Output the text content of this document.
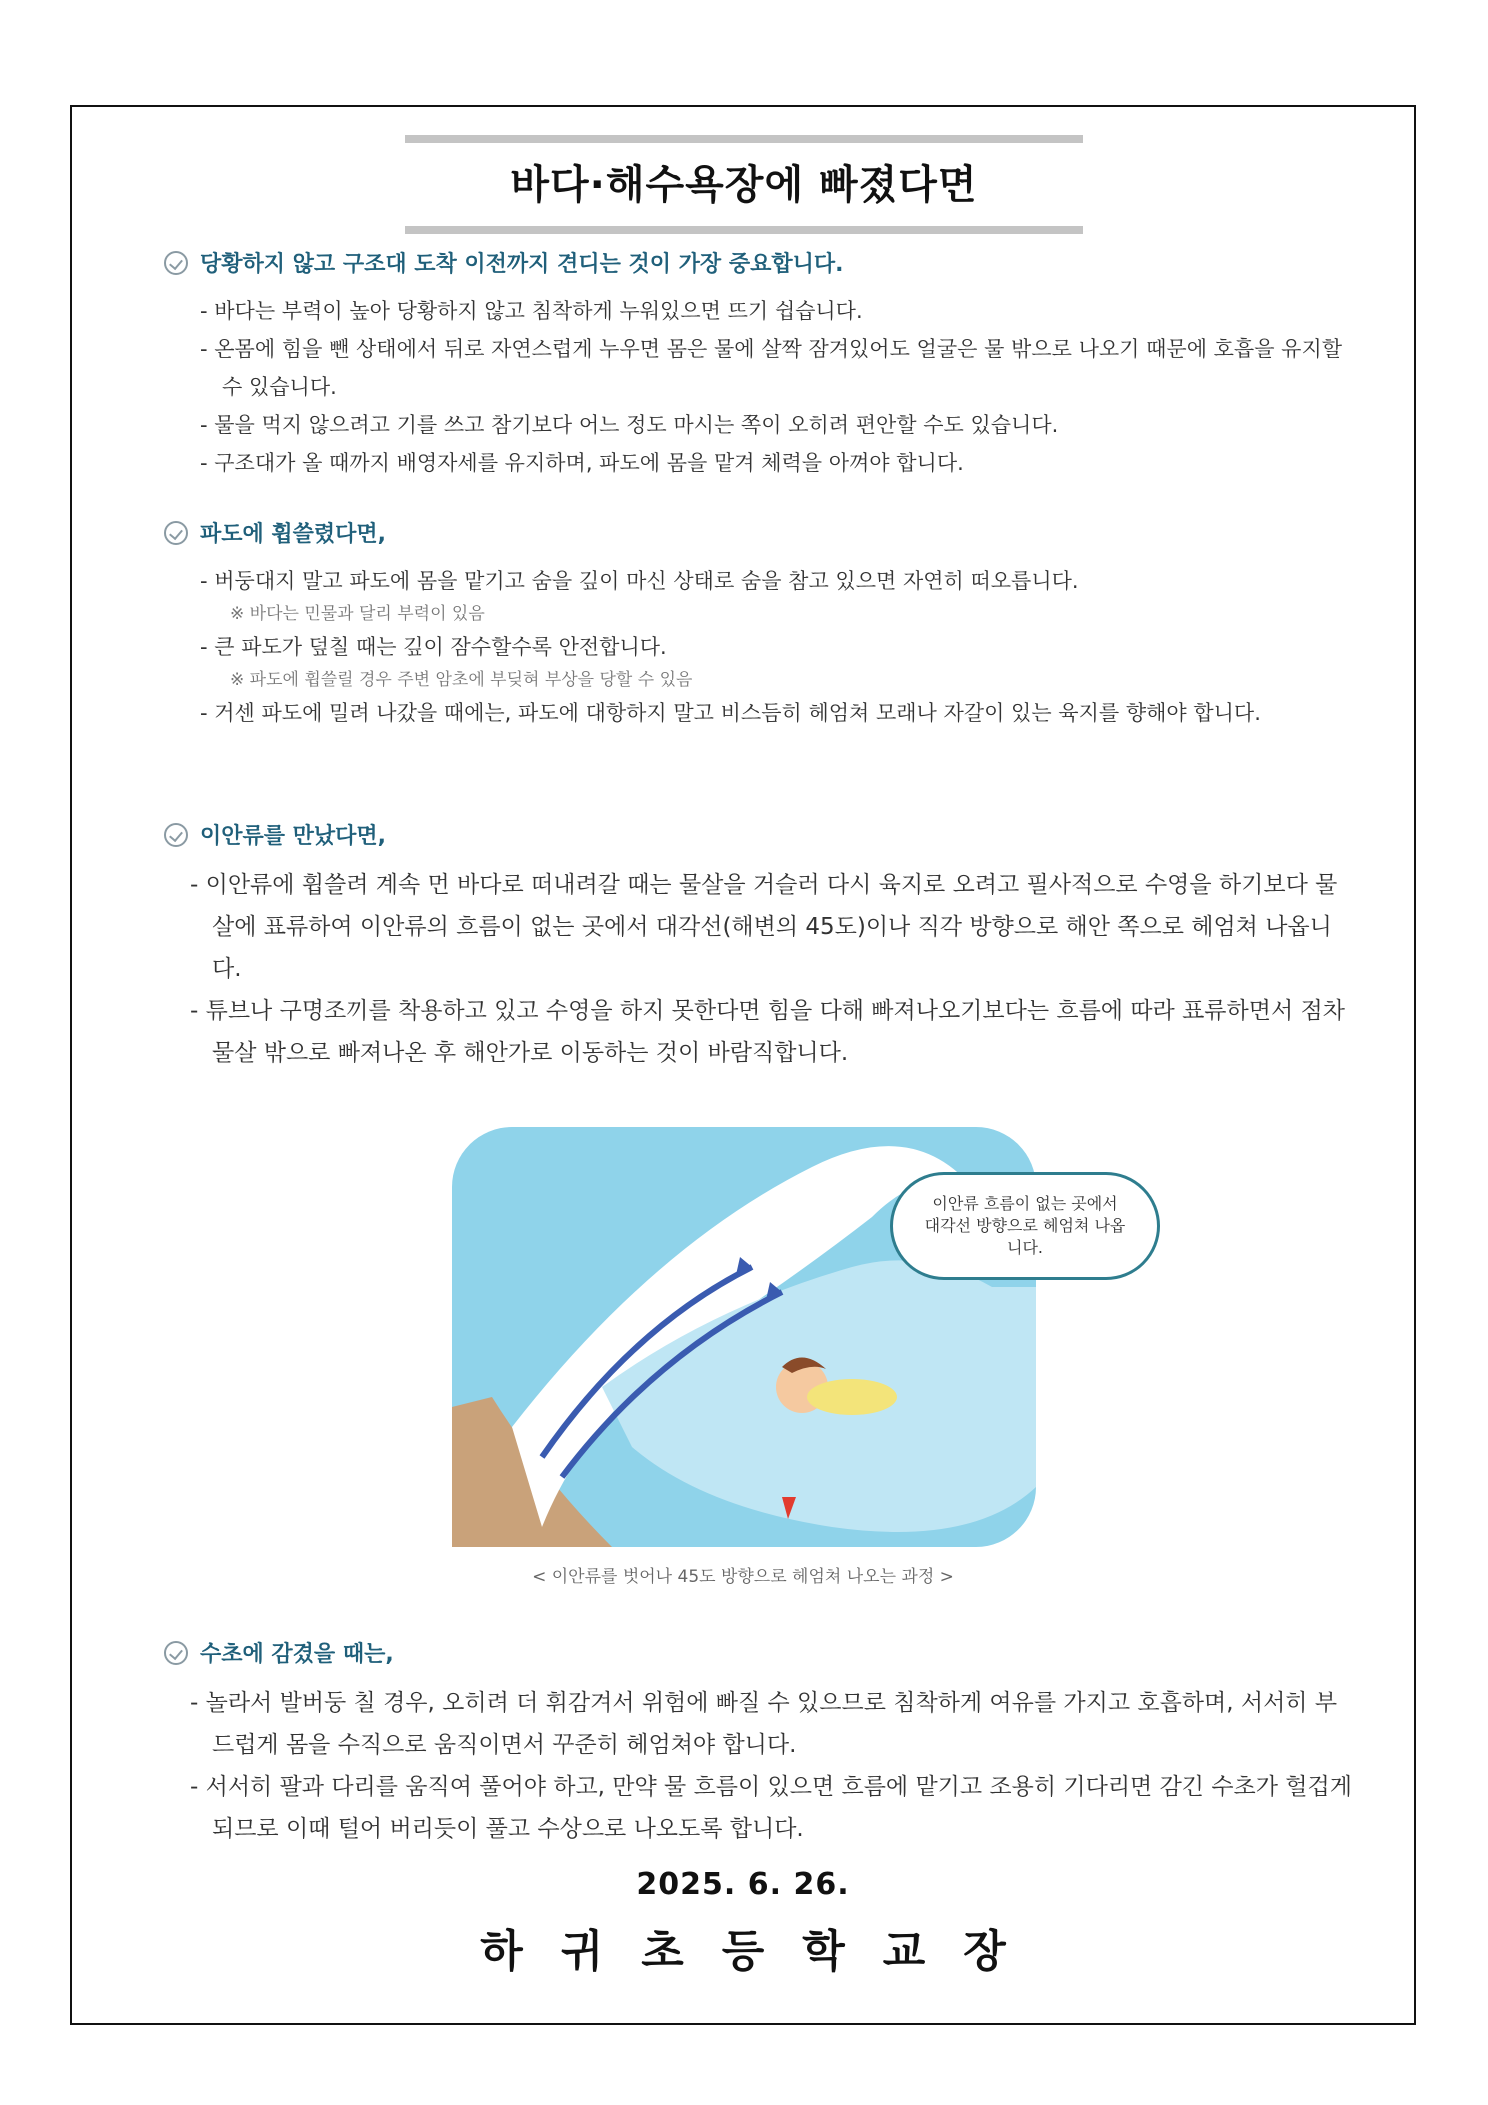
바다·해수욕장에 빠졌다면
당황하지 않고 구조대 도착 이전까지 견디는 것이 가장 중요합니다.
- 바다는 부력이 높아 당황하지 않고 침착하게 누워있으면 뜨기 쉽습니다.
- 온몸에 힘을 뺀 상태에서 뒤로 자연스럽게 누우면 몸은 물에 살짝 잠겨있어도 얼굴은 물 밖으로 나오기 때문에 호흡을 유지할 수 있습니다.
- 물을 먹지 않으려고 기를 쓰고 참기보다 어느 정도 마시는 쪽이 오히려 편안할 수도 있습니다.
- 구조대가 올 때까지 배영자세를 유지하며, 파도에 몸을 맡겨 체력을 아껴야 합니다.
파도에 휩쓸렸다면,
- 버둥대지 말고 파도에 몸을 맡기고 숨을 깊이 마신 상태로 숨을 참고 있으면 자연히 떠오릅니다.
※ 바다는 민물과 달리 부력이 있음
- 큰 파도가 덮칠 때는 깊이 잠수할수록 안전합니다.
※ 파도에 휩쓸릴 경우 주변 암초에 부딪혀 부상을 당할 수 있음
- 거센 파도에 밀려 나갔을 때에는, 파도에 대항하지 말고 비스듬히 헤엄쳐 모래나 자갈이 있는 육지를 향해야 합니다.
이안류를 만났다면,
- 이안류에 휩쓸려 계속 먼 바다로 떠내려갈 때는 물살을 거슬러 다시 육지로 오려고 필사적으로 수영을 하기보다 물살에 표류하여 이안류의 흐름이 없는 곳에서 대각선(해변의 45도)이나 직각 방향으로 해안 쪽으로 헤엄쳐 나옵니다.
- 튜브나 구명조끼를 착용하고 있고 수영을 하지 못한다면 힘을 다해 빠져나오기보다는 흐름에 따라 표류하면서 점차 물살 밖으로 빠져나온 후 해안가로 이동하는 것이 바람직합니다.
이안류 흐름이 없는 곳에서 대각선 방향으로 헤엄쳐 나옵니다.
< 이안류를 벗어나 45도 방향으로 헤엄쳐 나오는 과정 >
수초에 감겼을 때는,
- 놀라서 발버둥 칠 경우, 오히려 더 휘감겨서 위험에 빠질 수 있으므로 침착하게 여유를 가지고 호흡하며, 서서히 부드럽게 몸을 수직으로 움직이면서 꾸준히 헤엄쳐야 합니다.
- 서서히 팔과 다리를 움직여 풀어야 하고, 만약 물 흐름이 있으면 흐름에 맡기고 조용히 기다리면 감긴 수초가 헐겁게 되므로 이때 털어 버리듯이 풀고 수상으로 나오도록 합니다.
2025. 6. 26.
하귀초등학교장
